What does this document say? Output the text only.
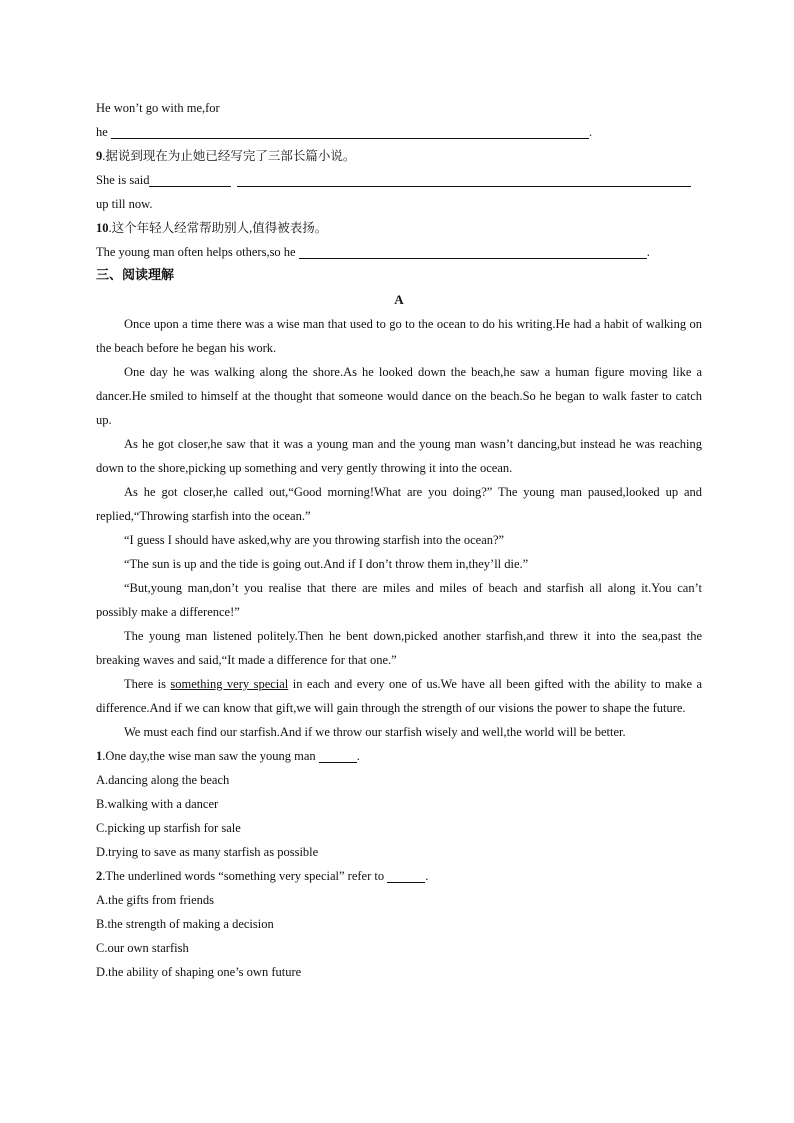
He won’t go with me,for
he	.
9.据说到现在为止她已经写完了三部长篇小说。
She is said
up till now.
10.这个年轻人经常帮助别人,值得被表扬。
The young man often helps others,so he	.
三、阅读理解
A
Once upon a time there was a wise man that used to go to the ocean to do his writing.He had a habit of walking on the beach before he began his work.
One day he was walking along the shore.As he looked down the beach,he saw a human figure moving like a dancer.He smiled to himself at the thought that someone would dance on the beach.So he began to walk faster to catch up.
As he got closer,he saw that it was a young man and the young man wasn’t dancing,but instead he was reaching down to the shore,picking up something and very gently throwing it into the ocean.
As he got closer,he called out,“Good morning!What are you doing?” The young man paused,looked up and replied,“Throwing starfish into the ocean.”
“I guess I should have asked,why are you throwing starfish into the ocean?”
“The sun is up and the tide is going out.And if I don’t throw them in,they’ll die.”
“But,young man,don’t you realise that there are miles and miles of beach and starfish all along it.You can’t possibly make a difference!”
The young man listened politely.Then he bent down,picked another starfish,and threw it into the sea,past the breaking waves and said,“It made a difference for that one.”
There is something very special in each and every one of us.We have all been gifted with the ability to make a difference.And if we can know that gift,we will gain through the strength of our visions the power to shape the future.
We must each find our starfish.And if we throw our starfish wisely and well,the world will be better.
1.One day,the wise man saw the young man	.
A.dancing along the beach
B.walking with a dancer
C.picking up starfish for sale
D.trying to save as many starfish as possible
2.The underlined words “something very special” refer to	.
A.the gifts from friends
B.the strength of making a decision
C.our own starfish
D.the ability of shaping one’s own future
